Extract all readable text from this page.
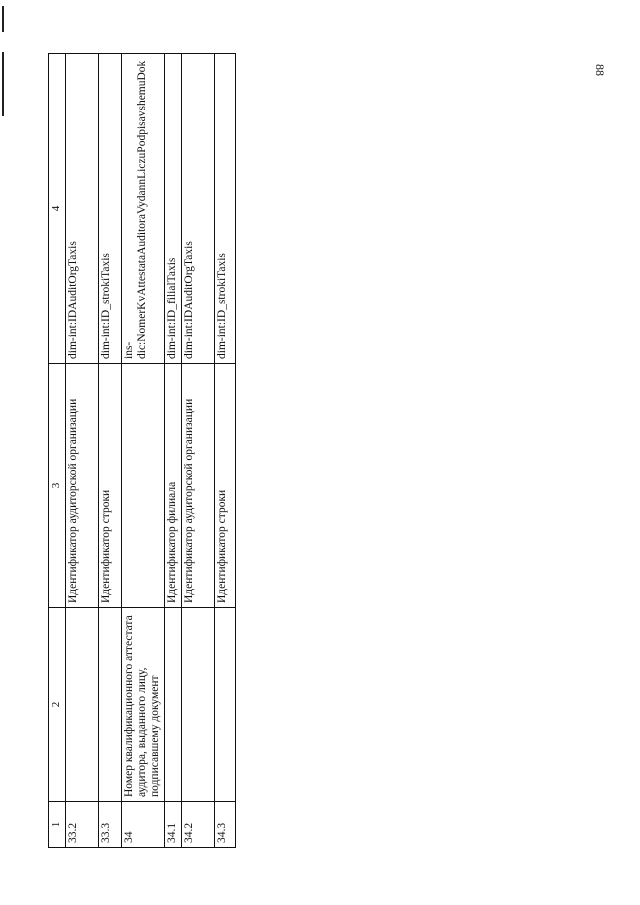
88
1	2	3	4
33.2		Идентификатор аудиторской организации	dim-int:IDAuditOrgTaxis
33.3		Идентификатор строки	dim-int:ID_strokiTaxis
34	Номер квалификационного аттестата аудитора, выданного лицу, подписавшему документ		ins-dic:NomerKvAttestataAuditoraVydannLiczuPodpisavshemuDok
34.1		Идентификатор филиала	dim-int:ID_filialTaxis
34.2		Идентификатор аудиторской организации	dim-int:IDAuditOrgTaxis
34.3		Идентификатор строки	dim-int:ID_strokiTaxis
